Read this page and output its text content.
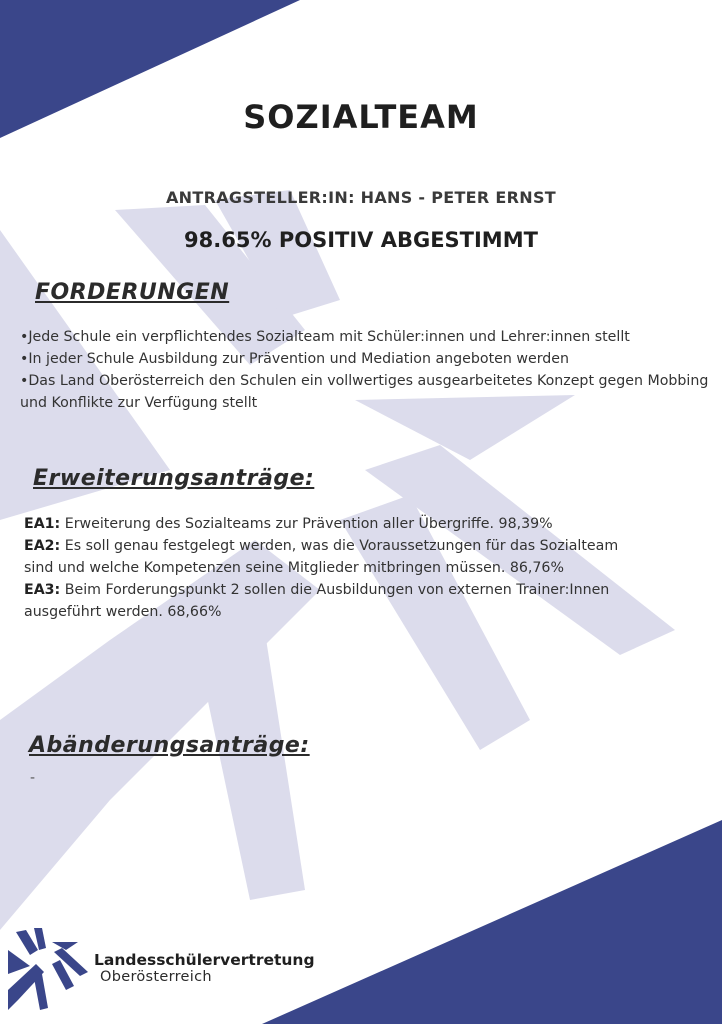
SOZIALTEAM
ANTRAGSTELLER:IN: HANS - PETER ERNST
98.65% POSITIV ABGESTIMMT
FORDERUNGEN
•Jede Schule ein verpflichtendes Sozialteam mit Schüler:innen und Lehrer:innen stellt
•In jeder Schule Ausbildung zur Prävention und Mediation angeboten werden
•Das Land Oberösterreich den Schulen ein vollwertiges ausgearbeitetes Konzept gegen Mobbing und Konflikte zur Verfügung stellt
Erweiterungsanträge:
EA1: Erweiterung des Sozialteams zur Prävention aller Übergriffe. 98,39%
EA2: Es soll genau festgelegt werden, was die Voraussetzungen für das Sozialteam sind und welche Kompetenzen seine Mitglieder mitbringen müssen. 86,76%
EA3: Beim Forderungspunkt 2 sollen die Ausbildungen von externen Trainer:Innen ausgeführt werden. 68,66%
Abänderungsanträge:
-
Landesschülervertretung
Oberösterreich
